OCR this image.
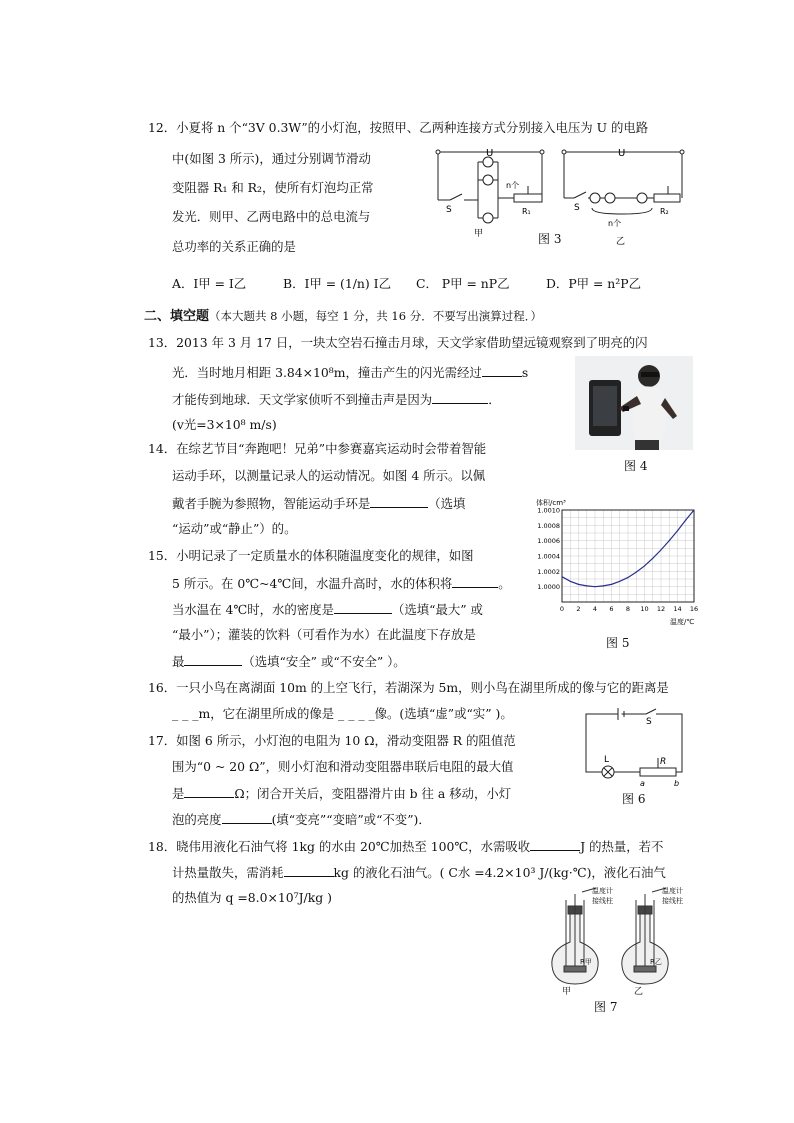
12．小夏将 n 个“3V 0.3W”的小灯泡，按照甲、乙两种连接方式分别接入电压为 U 的电路
中(如图 3 所示)，通过分别调节滑动
变阻器 R₁ 和 R₂，使所有灯泡均正常
发光．则甲、乙两电路中的总电流与
总功率的关系正确的是
A．I甲 = I乙	B．I甲 = (1/n) I乙 C． P甲 = nP乙	D．P甲 = n²P乙
U	U
S	S
n个
n个
R₁	R₂
甲
乙
图 3
二、填空题（本大题共 8 小题，每空 1 分，共 16 分．不要写出演算过程．）
13．2013 年 3 月 17 日，一块太空岩石撞击月球，天文学家借助望远镜观察到了明亮的闪
光．当时地月相距 3.84×10⁸m，撞击产生的闪光需经过	s
才能传到地球．天文学家侦听不到撞击声是因为	．
(v光=3×10⁸ m/s)
图 4
14．在综艺节目“奔跑吧！兄弟”中参赛嘉宾运动时会带着智能
运动手环，以测量记录人的运动情况。如图 4 所示。以佩
戴者手腕为参照物，智能运动手环是	（选填
“运动”或“静止”）的。
15．小明记录了一定质量水的体积随温度变化的规律，如图
5 所示。在 0℃~4℃间，水温升高时，水的体积将	。
当水温在 4℃时，水的密度是	（选填“最大” 或
“最小”）；灌装的饮料（可看作为水）在此温度下存放是
最	（选填“安全” 或“不安全” ）。
1.0000
1.0002
1.0004
1.0006
1.0008
1.0010
0 2 4 6 8 10 12 14 16
体积/cm³
温度/℃
图 5
16．一只小鸟在离湖面 10m 的上空飞行，若湖深为 5m，则小鸟在湖里所成的像与它的距离是
_ _ _m，它在湖里所成的像是 _ _ _ _像。(选填“虚”或“实” )。
17．如图 6 所示，小灯泡的电阻为 10 Ω，滑动变阻器 R 的阻值范
围为“0 ~ 20 Ω”，则小灯泡和滑动变阻器串联后电阻的最大值
是	Ω；闭合开关后，变阻器滑片由 b 往 a 移动，小灯
泡的亮度	(填“变亮”“变暗”或“不变”)．
S
L	R
a	b
图 6
18．晓伟用液化石油气将 1kg 的水由 20℃加热至 100℃，水需吸收	J 的热量，若不
计热量散失，需消耗	kg 的液化石油气。( C水 =4.2×10³ J/(kg·℃)，液化石油气
的热值为 q =8.0×10⁷J/kg )	温度计
接线柱
温度计
接线柱
R甲	R乙
甲	乙
图 7
